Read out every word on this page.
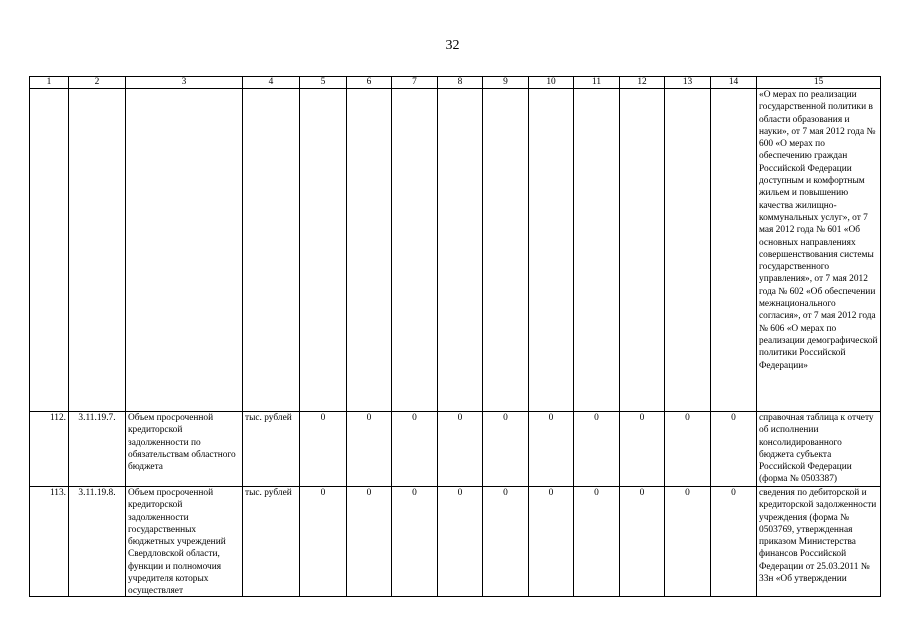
32
1	2	3	4	5	6	7	8	9	10	11	12	13	14	15
														«О мерах по реализации государственной политики в области образования и науки», от 7 мая 2012 года № 600 «О мерах по обеспечению граждан Российской Федерации доступным и комфортным жильем и повышению качества жилищно-коммунальных услуг», от 7 мая 2012 года № 601 «Об основных направлениях совершенствования системы государственного управления», от 7 мая 2012 года № 602 «Об обеспечении межнационального согласия», от 7 мая 2012 года № 606 «О мерах по реализации демографической политики Российской Федерации»
112.	3.11.19.7.	Объем просроченной кредиторской задолженности по обязательствам областного бюджета	тыс. рублей	0	0	0	0	0	0	0	0	0	0	справочная таблица к отчету об исполнении консолидированного бюджета субъекта Российской Федерации (форма № 0503387)
113.	3.11.19.8.	Объем просроченной кредиторской задолженности государственных бюджетных учреждений Свердловской области, функции и полномочия учредителя которых осуществляет	тыс. рублей	0	0	0	0	0	0	0	0	0	0	сведения по дебиторской и кредиторской задолженности учреждения (форма № 0503769, утвержденная приказом Министерства финансов Российской Федерации от 25.03.2011 № 33н «Об утверждении
